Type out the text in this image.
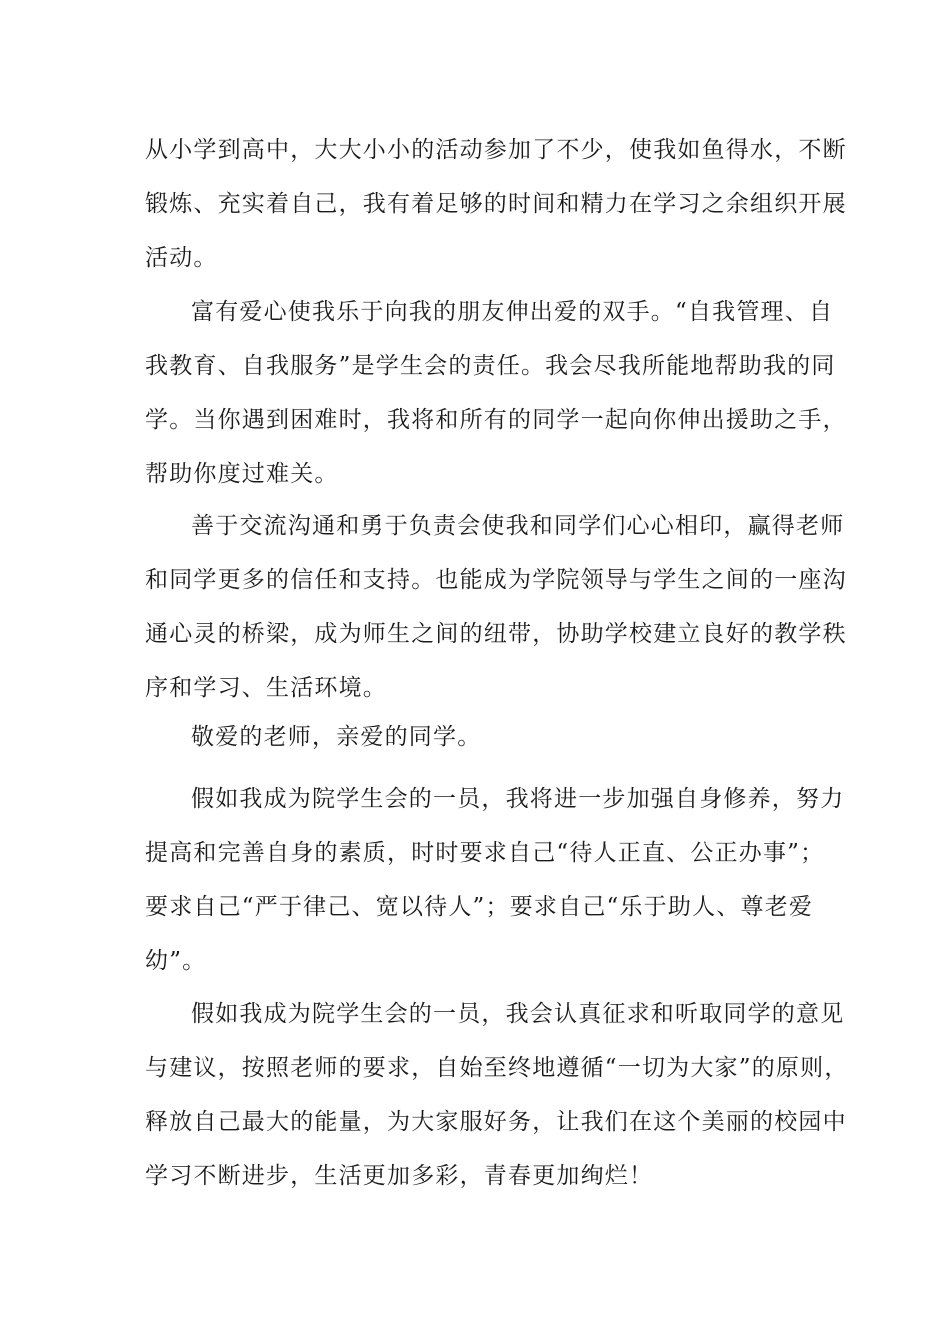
从小学到高中，大大小小的活动参加了不少，使我如鱼得水，不断
锻炼、充实着自己，我有着足够的时间和精力在学习之余组织开展
活动。
富有爱心使我乐于向我的朋友伸出爱的双手。“自我管理、自
我教育、自我服务”是学生会的责任。我会尽我所能地帮助我的同
学。当你遇到困难时，我将和所有的同学一起向你伸出援助之手，
帮助你度过难关。
善于交流沟通和勇于负责会使我和同学们心心相印，赢得老师
和同学更多的信任和支持。也能成为学院领导与学生之间的一座沟
通心灵的桥梁，成为师生之间的纽带，协助学校建立良好的教学秩
序和学习、生活环境。
敬爱的老师，亲爱的同学。
假如我成为院学生会的一员，我将进一步加强自身修养，努力
提高和完善自身的素质，时时要求自己“待人正直、公正办事”；
要求自己“严于律己、宽以待人”；要求自己“乐于助人、尊老爱
幼”。
假如我成为院学生会的一员，我会认真征求和听取同学的意见
与建议，按照老师的要求，自始至终地遵循“一切为大家”的原则，
释放自己最大的能量，为大家服好务，让我们在这个美丽的校园中
学习不断进步，生活更加多彩，青春更加绚烂！
